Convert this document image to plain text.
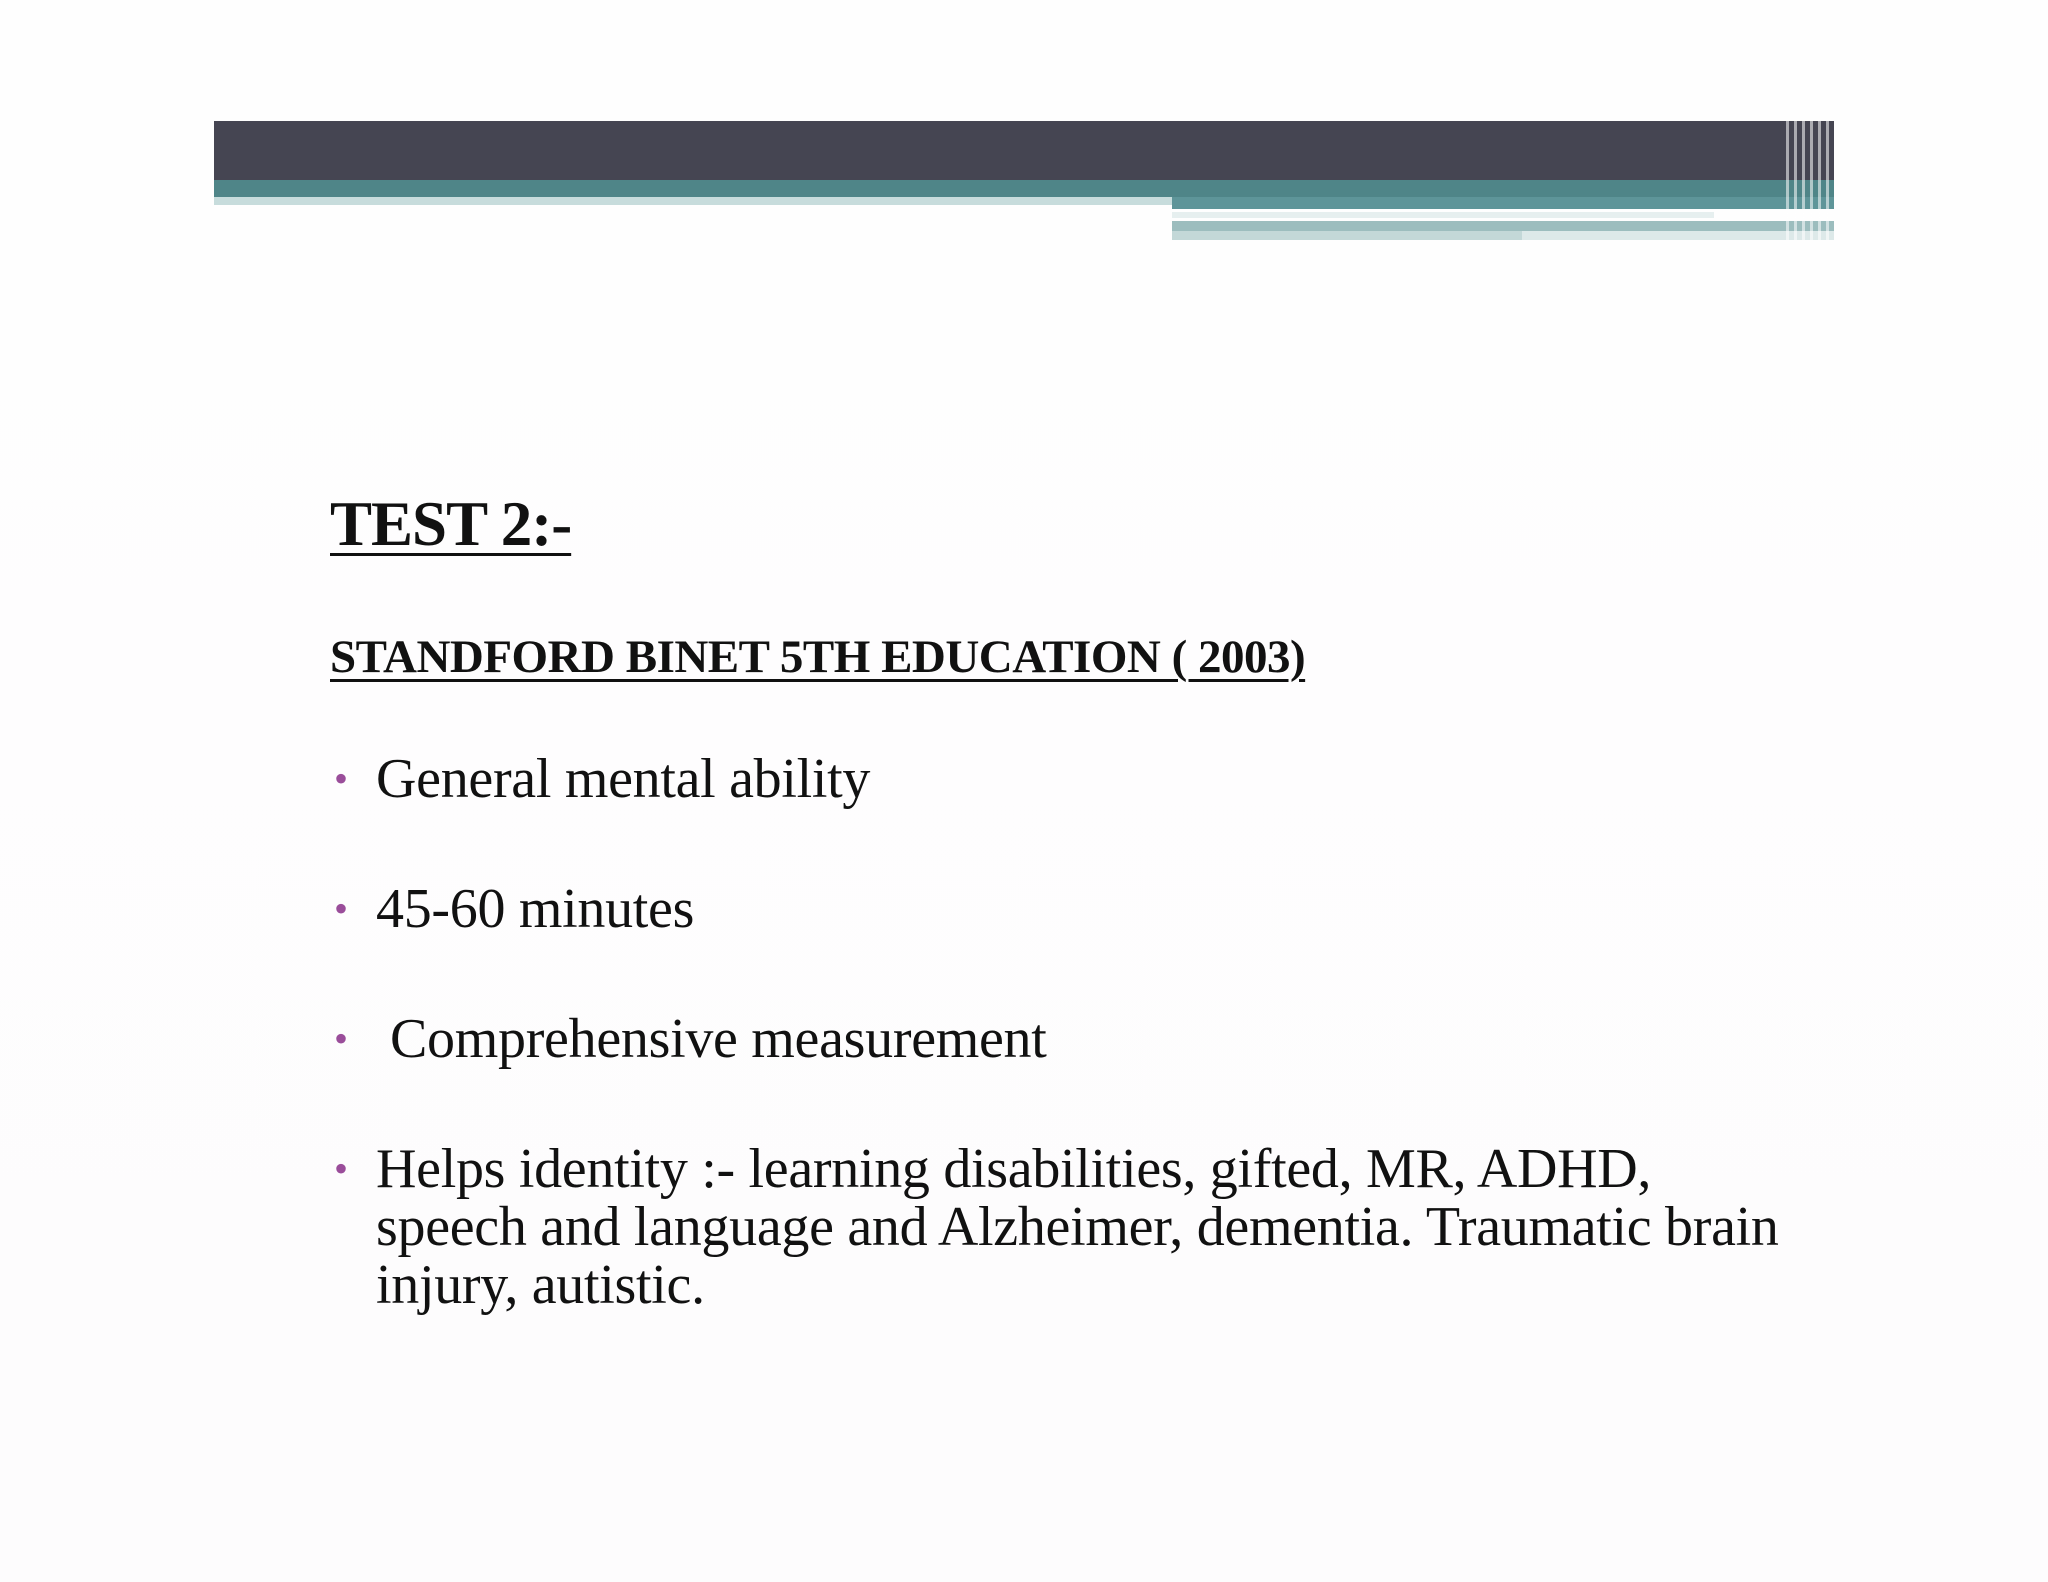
TEST 2:-
STANDFORD BINET 5TH EDUCATION ( 2003)
• General mental ability
• 45-60 minutes
• Comprehensive measurement
• Helps identity :- learning disabilities, gifted, MR, ADHD, speech and language and Alzheimer, dementia. Traumatic brain injury, autistic.
